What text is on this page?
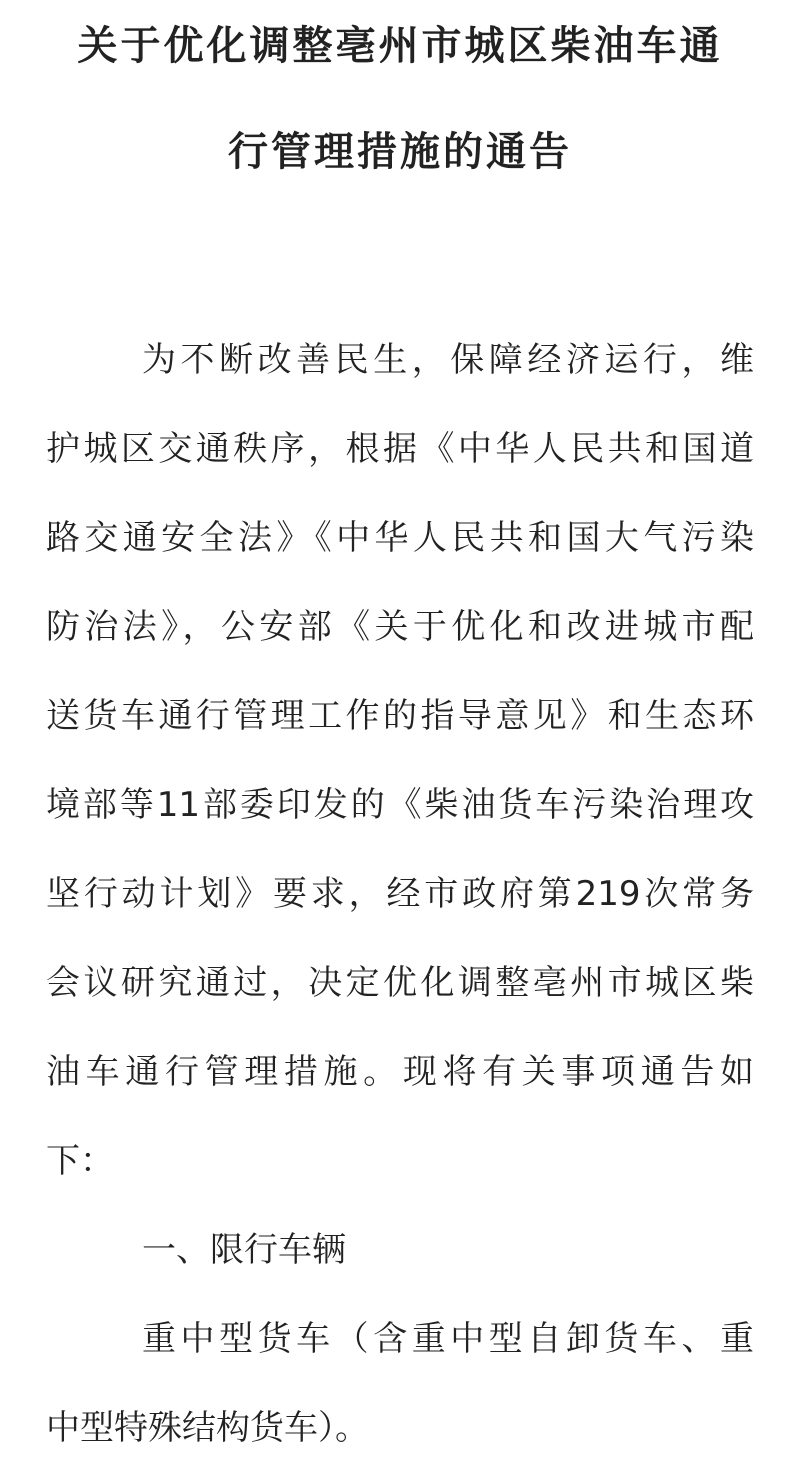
关于优化调整亳州市城区柴油车通
行管理措施的通告

为不断改善民生，保障经济运行，维

护城区交通秩序，根据《中华人民共和国道

路交通安全法》《中华人民共和国大气污染

防治法》，公安部《关于优化和改进城市配

送货车通行管理工作的指导意见》和生态环

境部等11部委印发的《柴油货车污染治理攻

坚行动计划》要求，经市政府第219次常务

会议研究通过，决定优化调整亳州市城区柴

油车通行管理措施。现将有关事项通告如

下：

一、限行车辆

重中型货车（含重中型自卸货车、重

中型特殊结构货车）。
